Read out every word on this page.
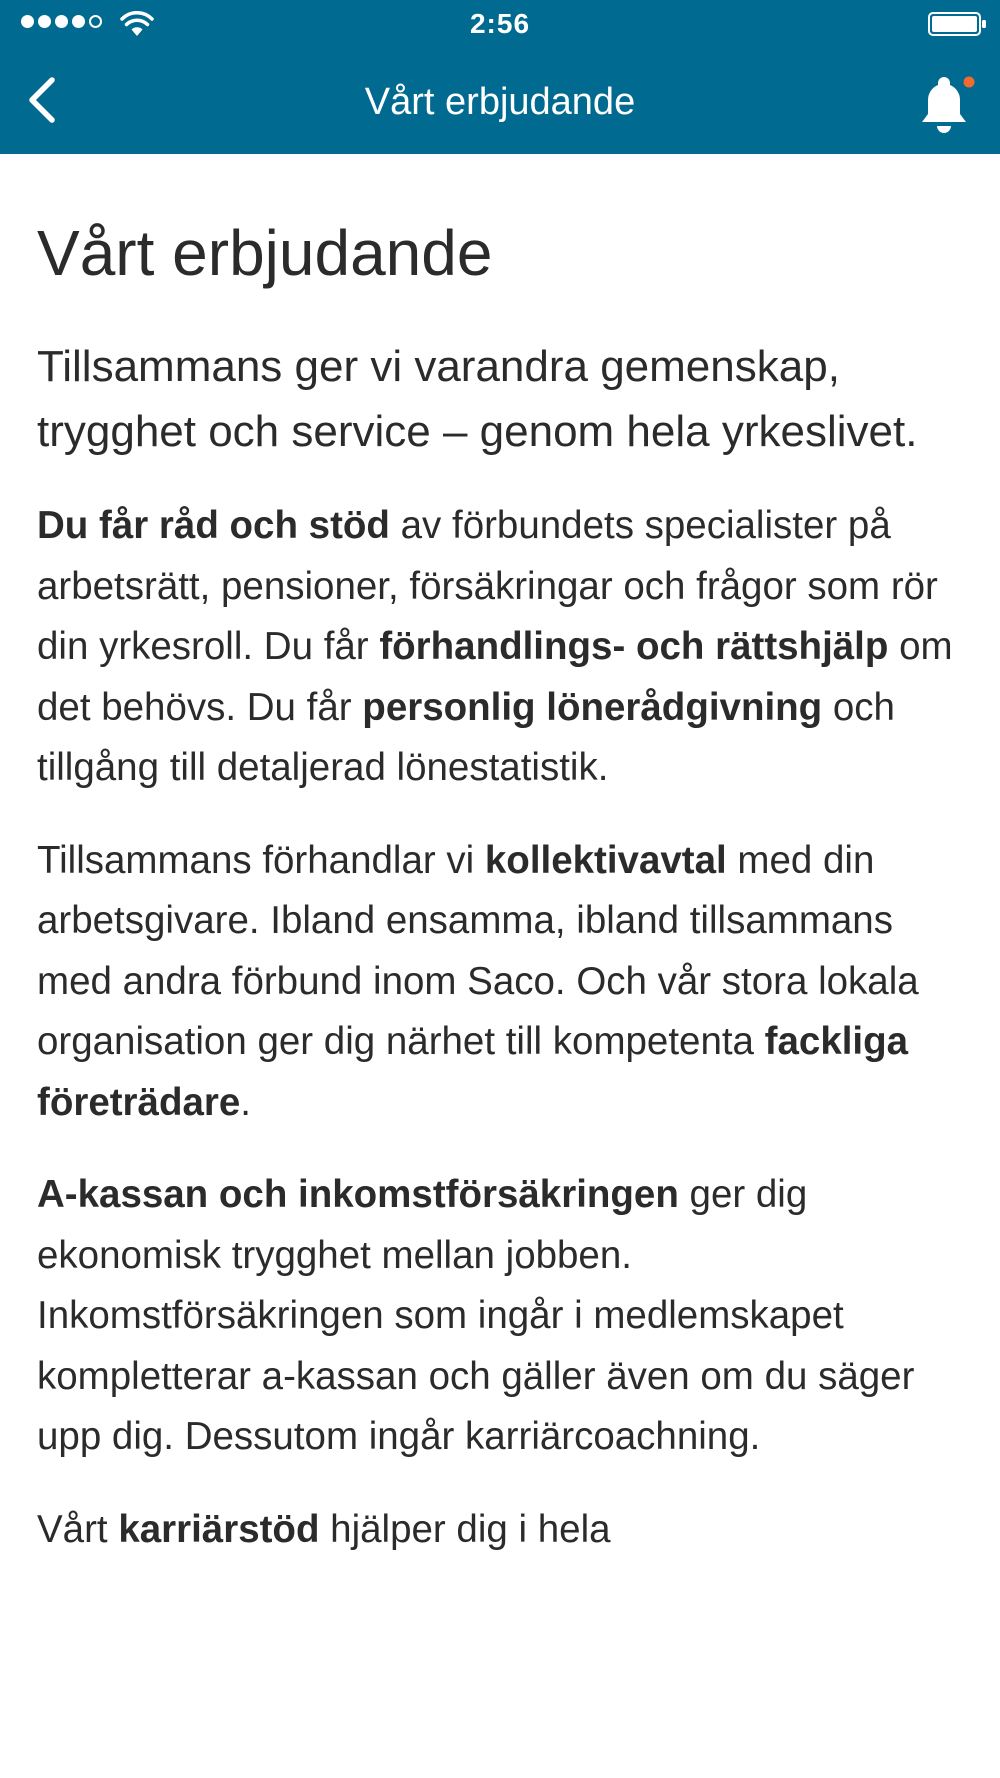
2:56
Vårt erbjudande
Vårt erbjudande

Tillsammans ger vi varandra gemenskap, trygghet och service – genom hela yrkeslivet.

Du får råd och stöd av förbundets specialister på arbetsrätt, pensioner, försäkringar och frågor som rör din yrkesroll. Du får förhandlings- och rättshjälp om det behövs. Du får personlig lönerådgivning och tillgång till detaljerad lönestatistik.

Tillsammans förhandlar vi kollektivavtal med din arbetsgivare. Ibland ensamma, ibland tillsammans med andra förbund inom Saco. Och vår stora lokala organisation ger dig närhet till kompetenta fackliga företrädare.

A-kassan och inkomstförsäkringen ger dig ekonomisk trygghet mellan jobben. Inkomstförsäkringen som ingår i medlemskapet kompletterar a-kassan och gäller även om du säger upp dig. Dessutom ingår karriärcoachning.

Vårt karriärstöd hjälper dig i hela
